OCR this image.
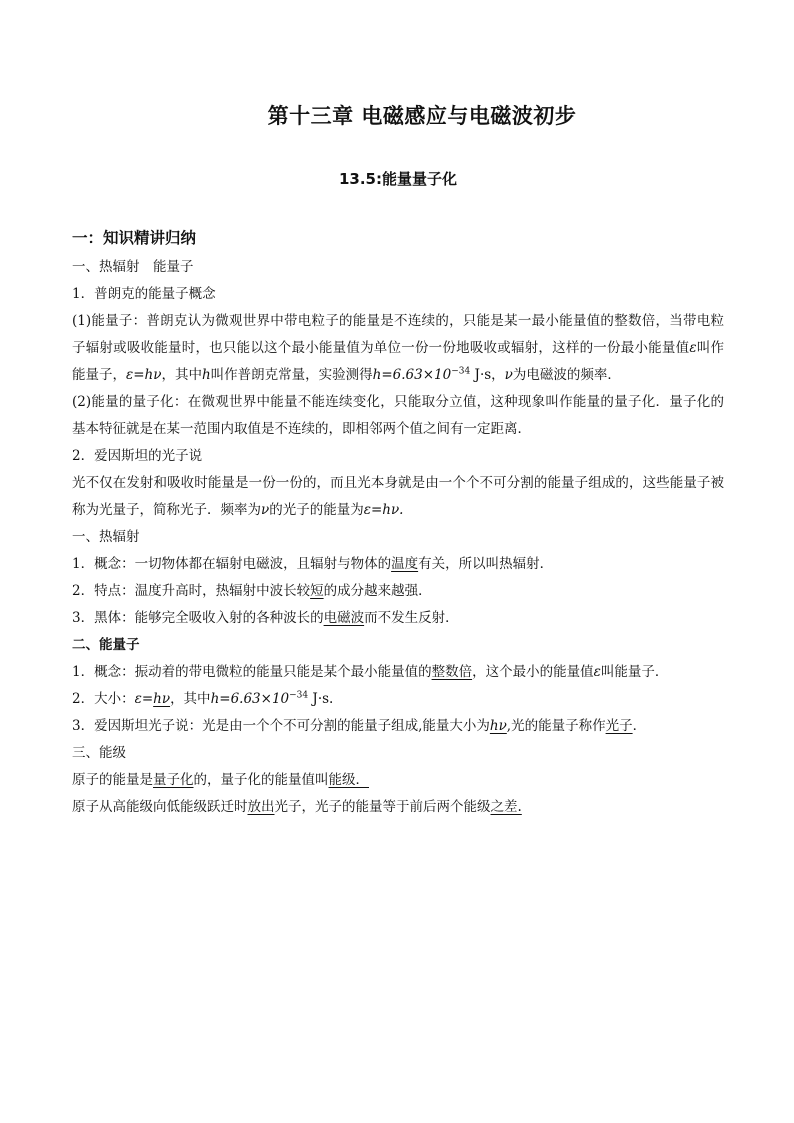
第十三章 电磁感应与电磁波初步
13.5:能量量子化
一：知识精讲归纳
一、热辐射　能量子
1．普朗克的能量子概念
(1)能量子：普朗克认为微观世界中带电粒子的能量是不连续的，只能是某一最小能量值的整数倍，当带电粒子辐射或吸收能量时，也只能以这个最小能量值为单位一份一份地吸收或辐射，这样的一份最小能量值ε叫作能量子，ε=hν，其中h叫作普朗克常量，实验测得$h=6.63\times 10^{-34}$ J·s，ν为电磁波的频率．
(2)能量的量子化：在微观世界中能量不能连续变化，只能取分立值，这种现象叫作能量的量子化．量子化的基本特征就是在某一范围内取值是不连续的，即相邻两个值之间有一定距离．
2．爱因斯坦的光子说
光不仅在发射和吸收时能量是一份一份的，而且光本身就是由一个个不可分割的能量子组成的，这些能量子被称为光量子，简称光子．频率为ν的光子的能量为ε=hν.
一、热辐射
1．概念：一切物体都在辐射电磁波，且辐射与物体的温度有关，所以叫热辐射．
2．特点：温度升高时，热辐射中波长较短的成分越来越强．
3．黑体：能够完全吸收入射的各种波长的电磁波而不发生反射．
二、能量子
1．概念：振动着的带电微粒的能量只能是某个最小能量值的整数倍，这个最小的能量值ε叫能量子．
2．大小：ε=hν，其中$h=6.63\times 10^{-34}$ J·s.
3．爱因斯坦光子说：光是由一个个不可分割的能量子组成,能量大小为hν,光的能量子称作光子．
三、能级
原子的能量是量子化的，量子化的能量值叫能级．
原子从高能级向低能级跃迁时放出光子，光子的能量等于前后两个能级之差.
